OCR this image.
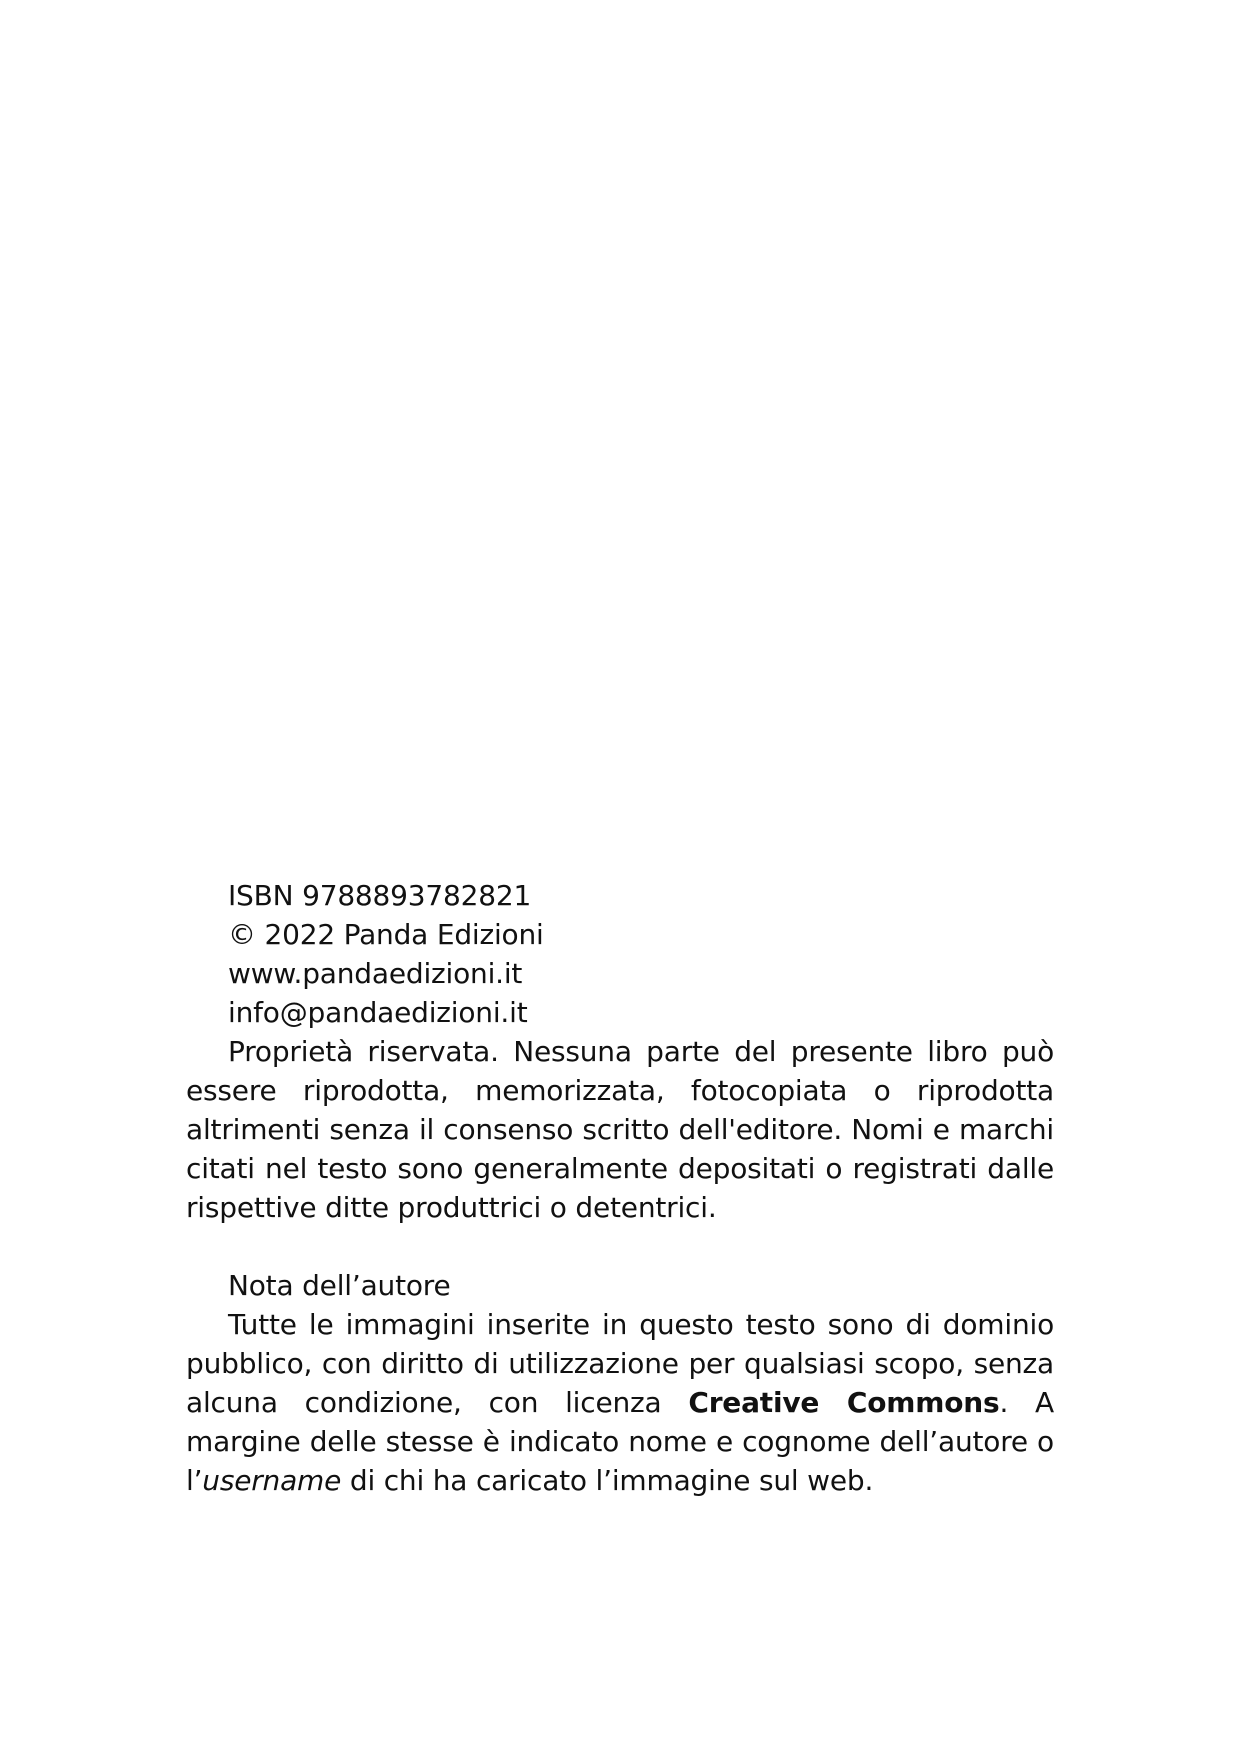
ISBN 9788893782821
© 2022 Panda Edizioni
www.pandaedizioni.it
info@pandaedizioni.it

Proprietà riservata. Nessuna parte del presente libro può essere riprodotta, memorizzata, fotocopiata o riprodotta altrimenti senza il consenso scritto dell'editore. Nomi e marchi citati nel testo sono generalmente depositati o registrati dalle rispettive ditte produttrici o detentrici.

Nota dell’autore

Tutte le immagini inserite in questo testo sono di dominio pubblico, con diritto di utilizzazione per qualsiasi scopo, senza alcuna condizione, con licenza Creative Commons. A margine delle stesse è indicato nome e cognome dell’autore o l’username di chi ha caricato l’immagine sul web.
